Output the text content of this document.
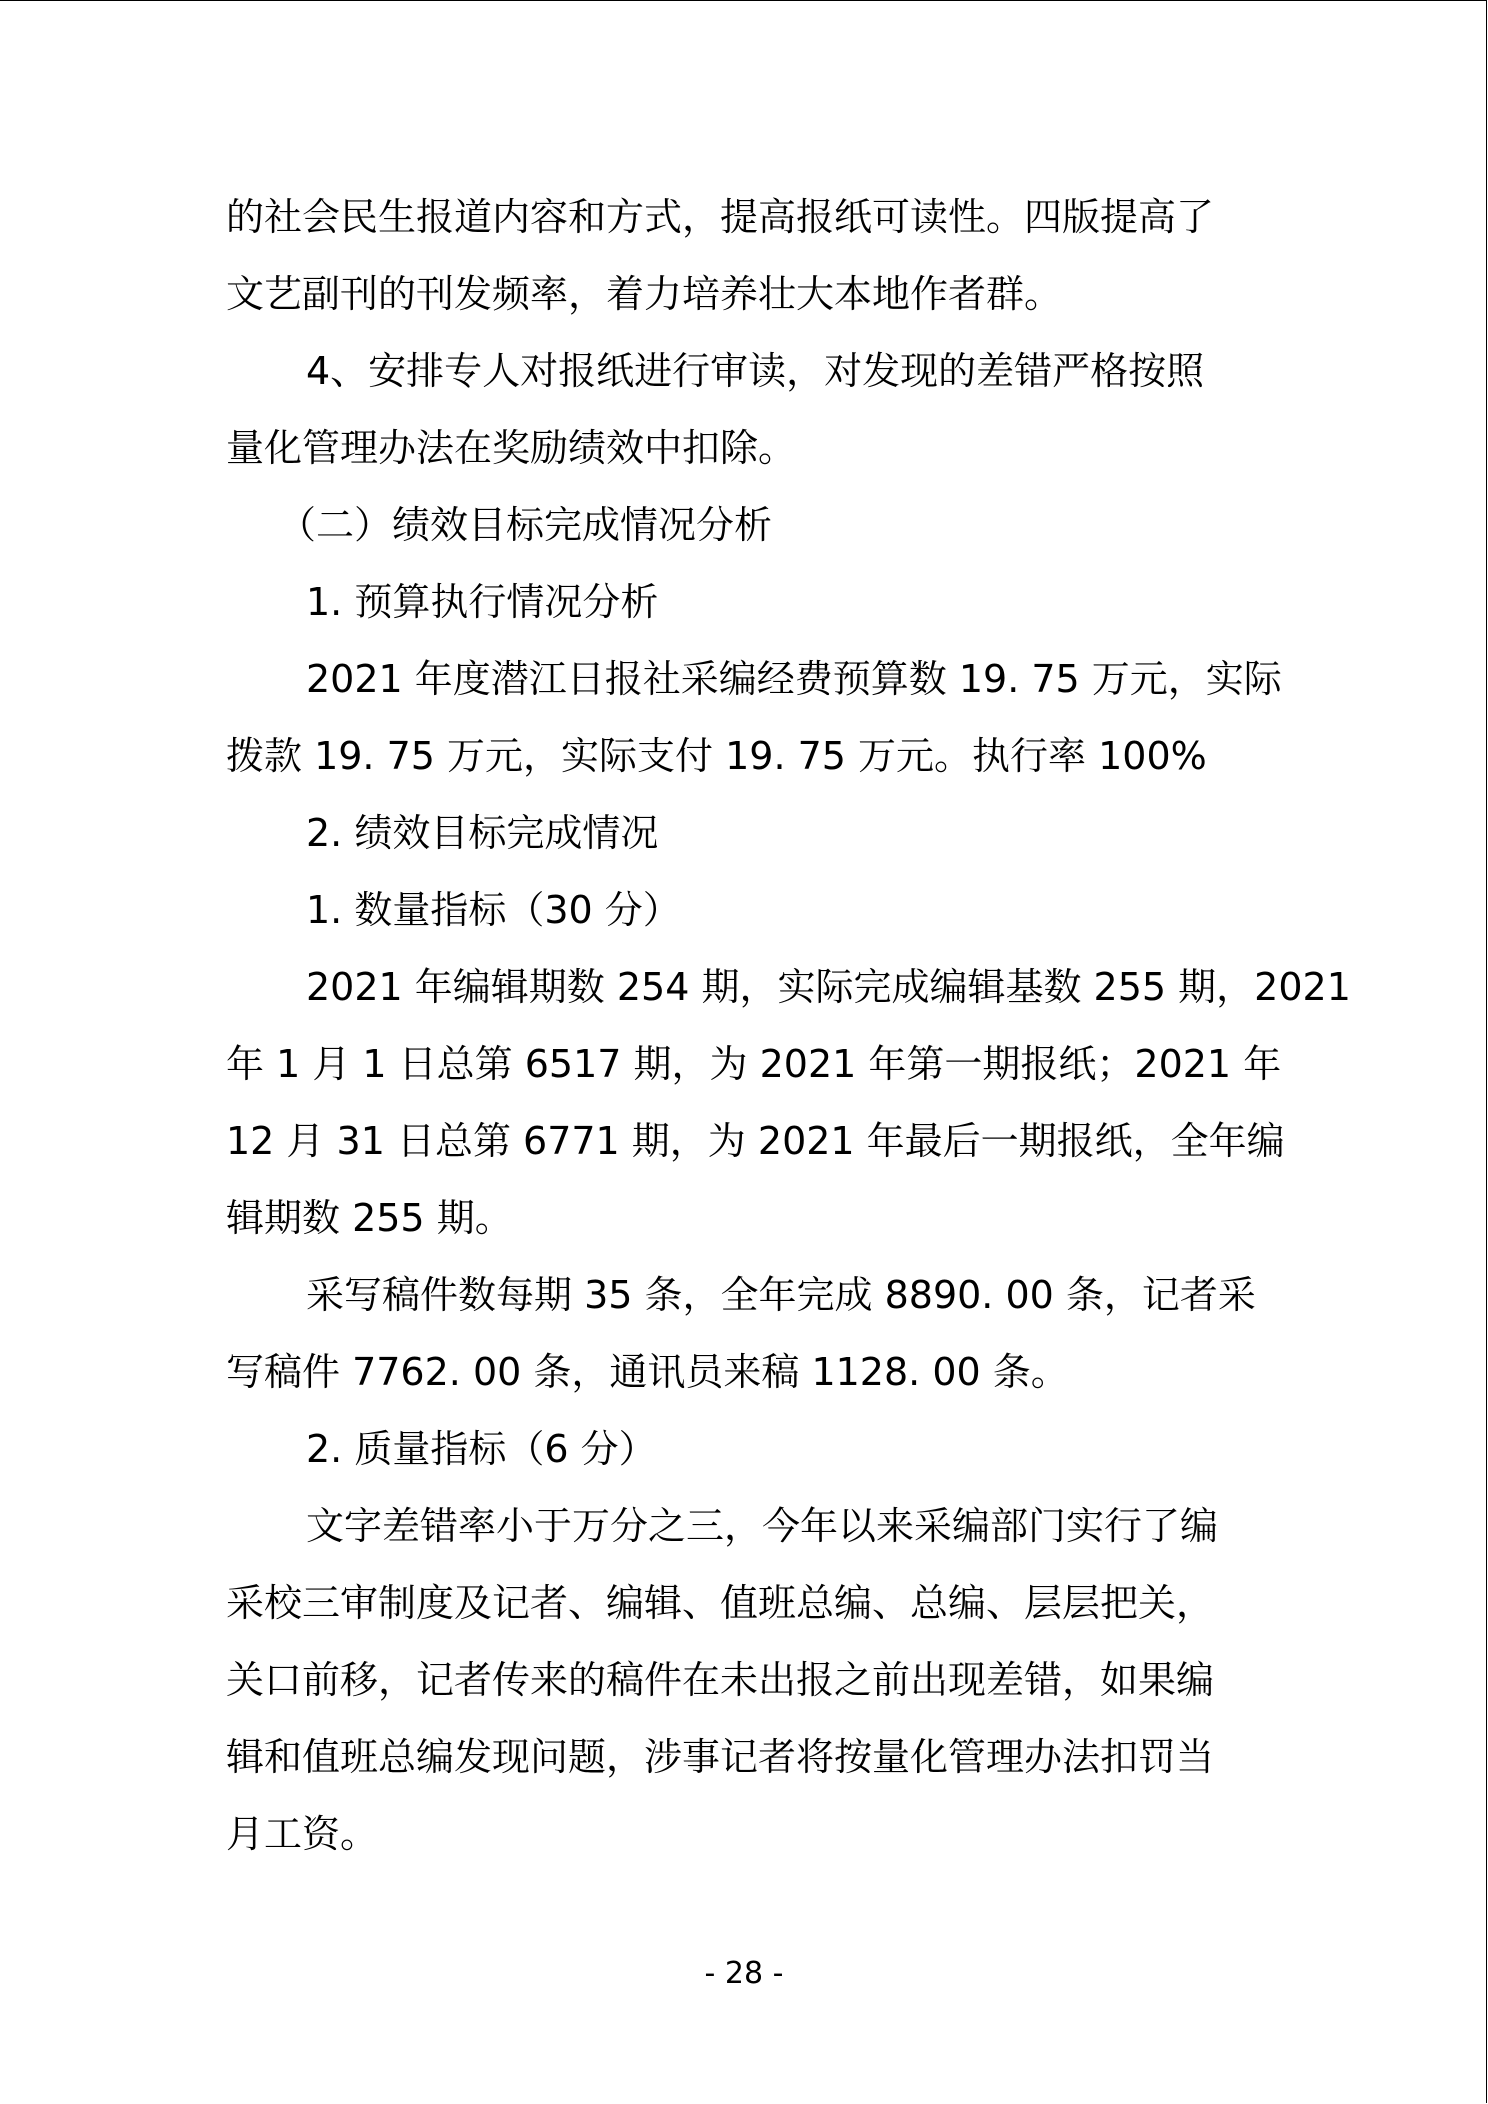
的社会民生报道内容和方式，提高报纸可读性。四版提高了
文艺副刊的刊发频率，着力培养壮大本地作者群。
4、安排专人对报纸进行审读，对发现的差错严格按照
量化管理办法在奖励绩效中扣除。
（二）绩效目标完成情况分析
1. 预算执行情况分析
2021 年度潜江日报社采编经费预算数 19. 75 万元，实际
拨款 19. 75 万元，实际支付 19. 75 万元。执行率 100%
2. 绩效目标完成情况
1. 数量指标（30 分）
2021 年编辑期数 254 期，实际完成编辑基数 255 期，2021
年 1 月 1 日总第 6517 期，为 2021 年第一期报纸；2021 年
12 月 31 日总第 6771 期，为 2021 年最后一期报纸，全年编
辑期数 255 期。
采写稿件数每期 35 条，全年完成 8890. 00 条，记者采
写稿件 7762. 00 条，通讯员来稿 1128. 00 条。
2. 质量指标（6 分）
文字差错率小于万分之三，今年以来采编部门实行了编
采校三审制度及记者、编辑、值班总编、总编、层层把关，
关口前移，记者传来的稿件在未出报之前出现差错，如果编
辑和值班总编发现问题，涉事记者将按量化管理办法扣罚当
月工资。
- 28 -
